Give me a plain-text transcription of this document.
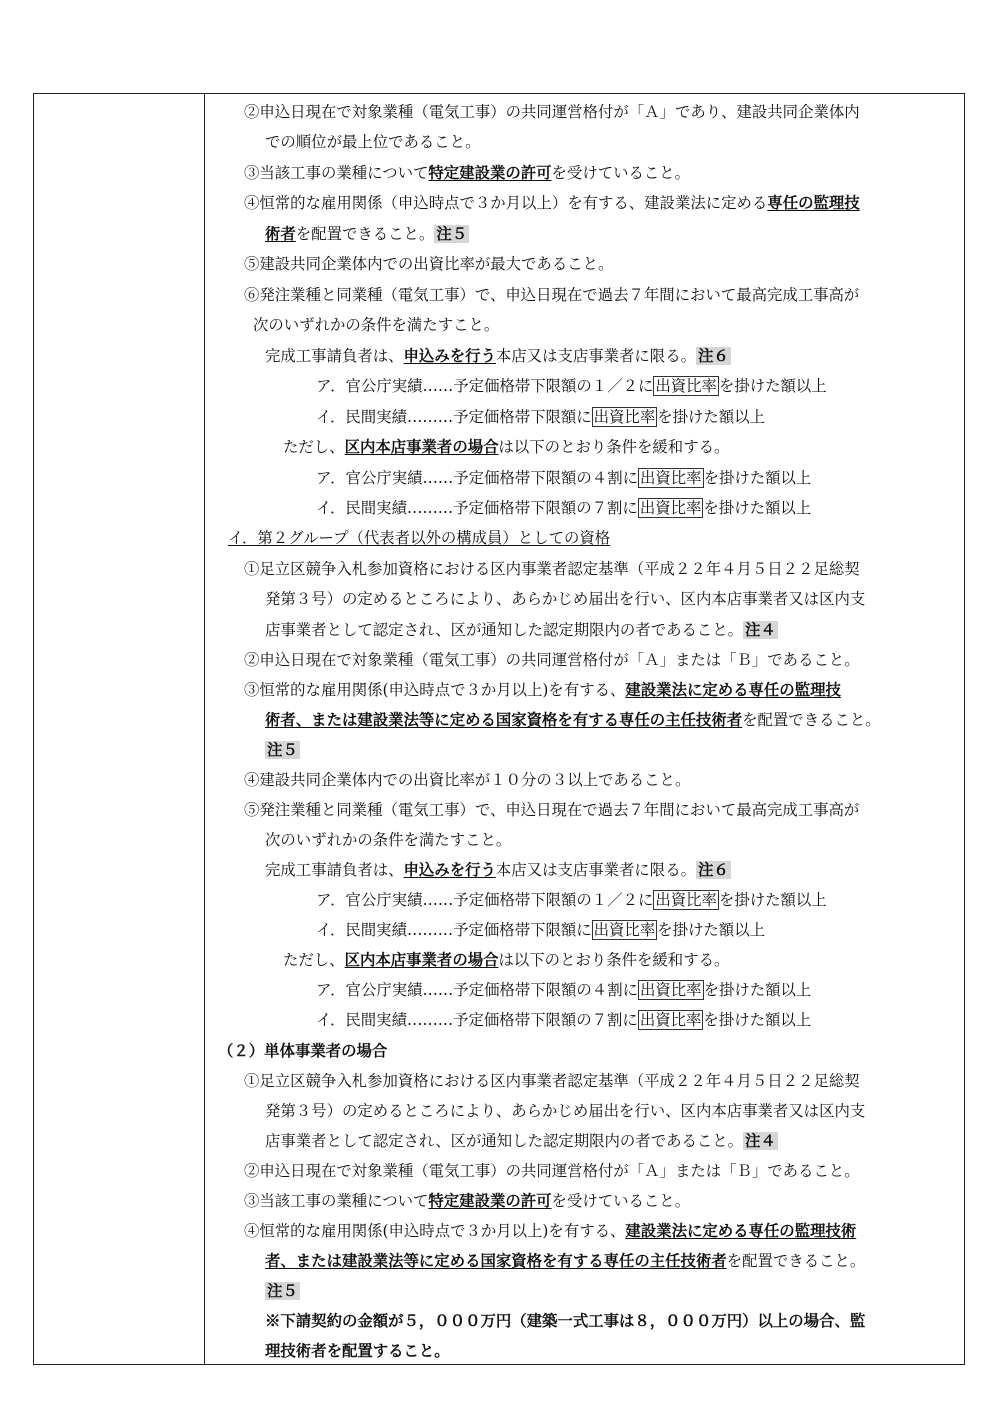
②申込日現在で対象業種（電気工事）の共同運営格付が「Ａ」であり、建設共同企業体内
での順位が最上位であること。
③当該工事の業種について特定建設業の許可を受けていること。
④恒常的な雇用関係（申込時点で３か月以上）を有する、建設業法に定める専任の監理技
術者を配置できること。 注５
⑤建設共同企業体内での出資比率が最大であること。
⑥発注業種と同業種（電気工事）で、申込日現在で過去７年間において最高完成工事高が
次のいずれかの条件を満たすこと。
完成工事請負者は、申込みを行う本店又は支店事業者に限る。 注６
ア．官公庁実績……予定価格帯下限額の１／２に 出資比率 を掛けた額以上
イ．民間実績………予定価格帯下限額に 出資比率 を掛けた額以上
ただし、区内本店事業者の場合は以下のとおり条件を緩和する。
ア．官公庁実績……予定価格帯下限額の４割に 出資比率 を掛けた額以上
イ．民間実績………予定価格帯下限額の７割に 出資比率 を掛けた額以上
イ．第２グループ（代表者以外の構成員）としての資格
①足立区競争入札参加資格における区内事業者認定基準（平成２２年４月５日２２足総契
発第３号）の定めるところにより、あらかじめ届出を行い、区内本店事業者又は区内支
店事業者として認定され、区が通知した認定期限内の者であること。 注４
②申込日現在で対象業種（電気工事）の共同運営格付が「Ａ」または「Ｂ」であること。
③恒常的な雇用関係(申込時点で３か月以上)を有する、建設業法に定める専任の監理技
術者、または建設業法等に定める国家資格を有する専任の主任技術者を配置できること。
注５
④建設共同企業体内での出資比率が１０分の３以上であること。
⑤発注業種と同業種（電気工事）で、申込日現在で過去７年間において最高完成工事高が
次のいずれかの条件を満たすこと。
完成工事請負者は、申込みを行う本店又は支店事業者に限る。 注６
ア．官公庁実績……予定価格帯下限額の１／２に 出資比率 を掛けた額以上
イ．民間実績………予定価格帯下限額に 出資比率 を掛けた額以上
ただし、区内本店事業者の場合は以下のとおり条件を緩和する。
ア．官公庁実績……予定価格帯下限額の４割に 出資比率 を掛けた額以上
イ．民間実績………予定価格帯下限額の７割に 出資比率 を掛けた額以上
（２）単体事業者の場合
①足立区競争入札参加資格における区内事業者認定基準（平成２２年４月５日２２足総契
発第３号）の定めるところにより、あらかじめ届出を行い、区内本店事業者又は区内支
店事業者として認定され、区が通知した認定期限内の者であること。 注４
②申込日現在で対象業種（電気工事）の共同運営格付が「Ａ」または「Ｂ」であること。
③当該工事の業種について特定建設業の許可を受けていること。
④恒常的な雇用関係(申込時点で３か月以上)を有する、建設業法に定める専任の監理技術
者、または建設業法等に定める国家資格を有する専任の主任技術者を配置できること。
注５
※下請契約の金額が５，０００万円（建築一式工事は８，０００万円）以上の場合、監
理技術者を配置すること。
